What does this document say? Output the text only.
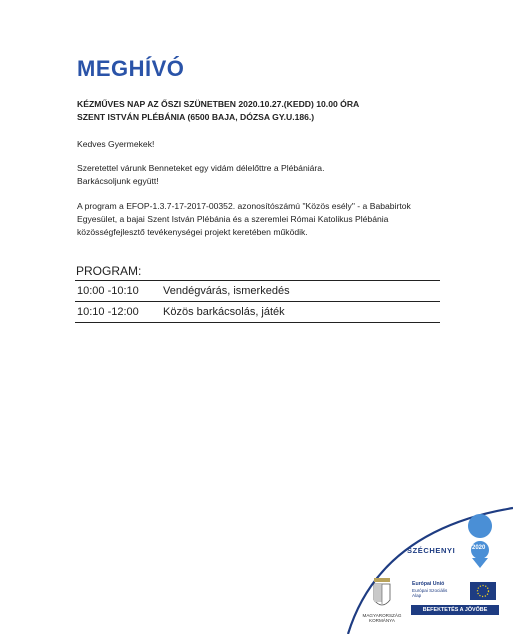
MEGHÍVÓ
KÉZMŰVES NAP AZ ŐSZI SZÜNETBEN 2020.10.27.(KEDD) 10.00 ÓRA
SZENT ISTVÁN PLÉBÁNIA (6500 BAJA, DÓZSA GY.U.186.)
Kedves Gyermekek!
Szeretettel várunk Benneteket egy vidám délelőttre a Plébániára.
Barkácsoljunk együtt!
A program a EFOP-1.3.7-17-2017-00352. azonosítószámú "Közös esély" - a Bababirtok Egyesület, a bajai Szent István Plébánia és a szeremlei Római Katolikus Plébánia közösségfejlesztő tevékenységei projekt keretében működik.
PROGRAM:
10:00 -10:10	Vendégvárás, ismerkedés
10:10 -12:00	Közös barkácsolás, játék
SZÉCHENYI	2020
MAGYARORSZÁG
KORMÁNYA
Európai Unió
Európai Szociális
Alap
BEFEKTETÉS A JÖVŐBE
